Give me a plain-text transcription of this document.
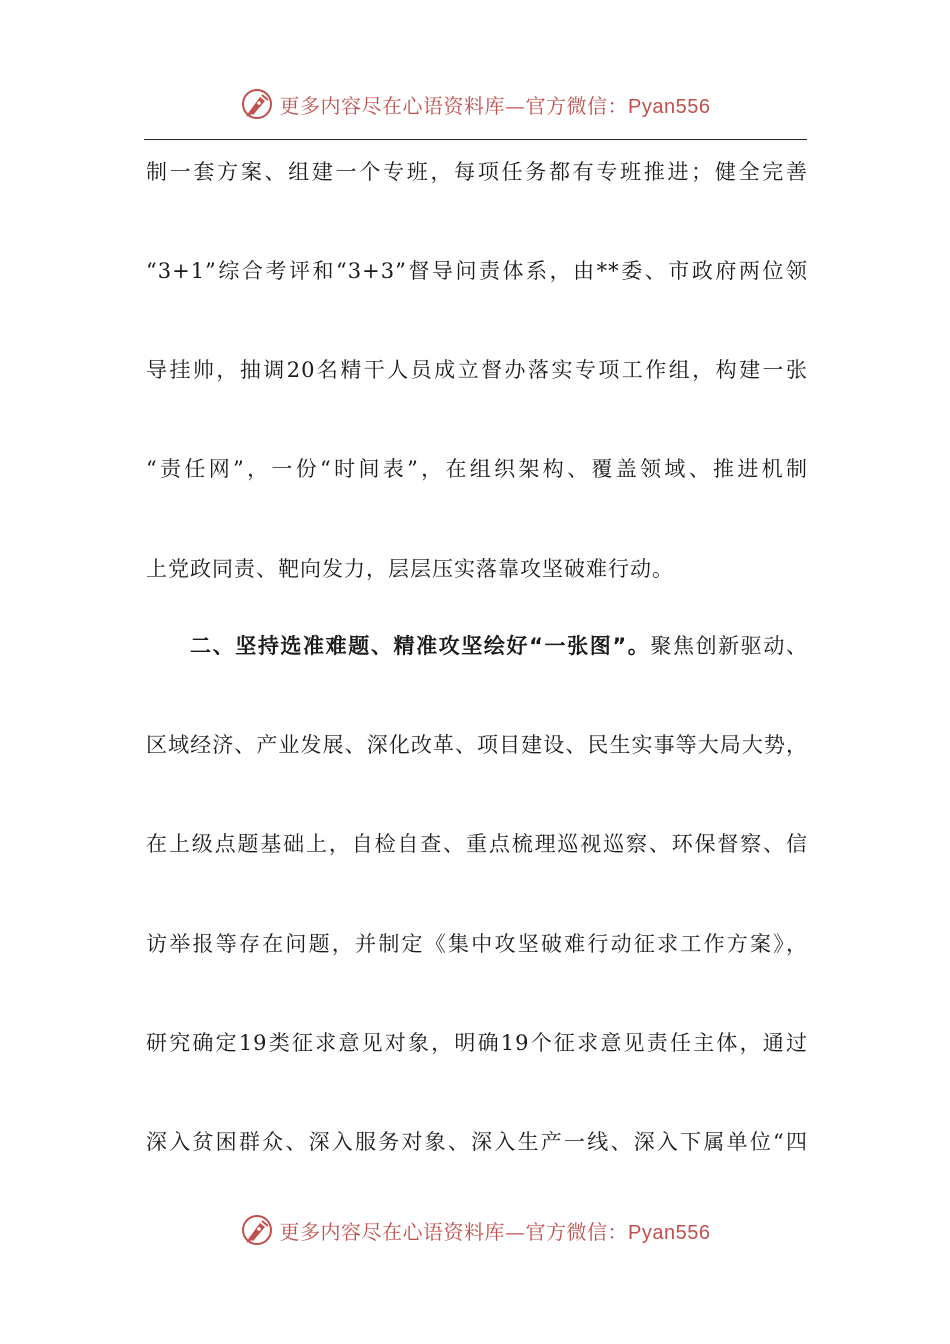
更多内容尽在心语资料库—官方微信：Pyan556
制一套方案、组建一个专班，每项任务都有专班推进；健全完善
“3+1”综合考评和“3+3”督导问责体系，由**委、市政府两位领
导挂帅，抽调20名精干人员成立督办落实专项工作组，构建一张
“责任网”，一份“时间表”，在组织架构、覆盖领域、推进机制
上党政同责、靶向发力，层层压实落靠攻坚破难行动。
二、坚持选准难题、精准攻坚绘好“一张图”。聚焦创新驱动、
区域经济、产业发展、深化改革、项目建设、民生实事等大局大势，
在上级点题基础上，自检自查、重点梳理巡视巡察、环保督察、信
访举报等存在问题，并制定《集中攻坚破难行动征求工作方案》，
研究确定19类征求意见对象，明确19个征求意见责任主体，通过
深入贫困群众、深入服务对象、深入生产一线、深入下属单位“四
更多内容尽在心语资料库—官方微信：Pyan556
